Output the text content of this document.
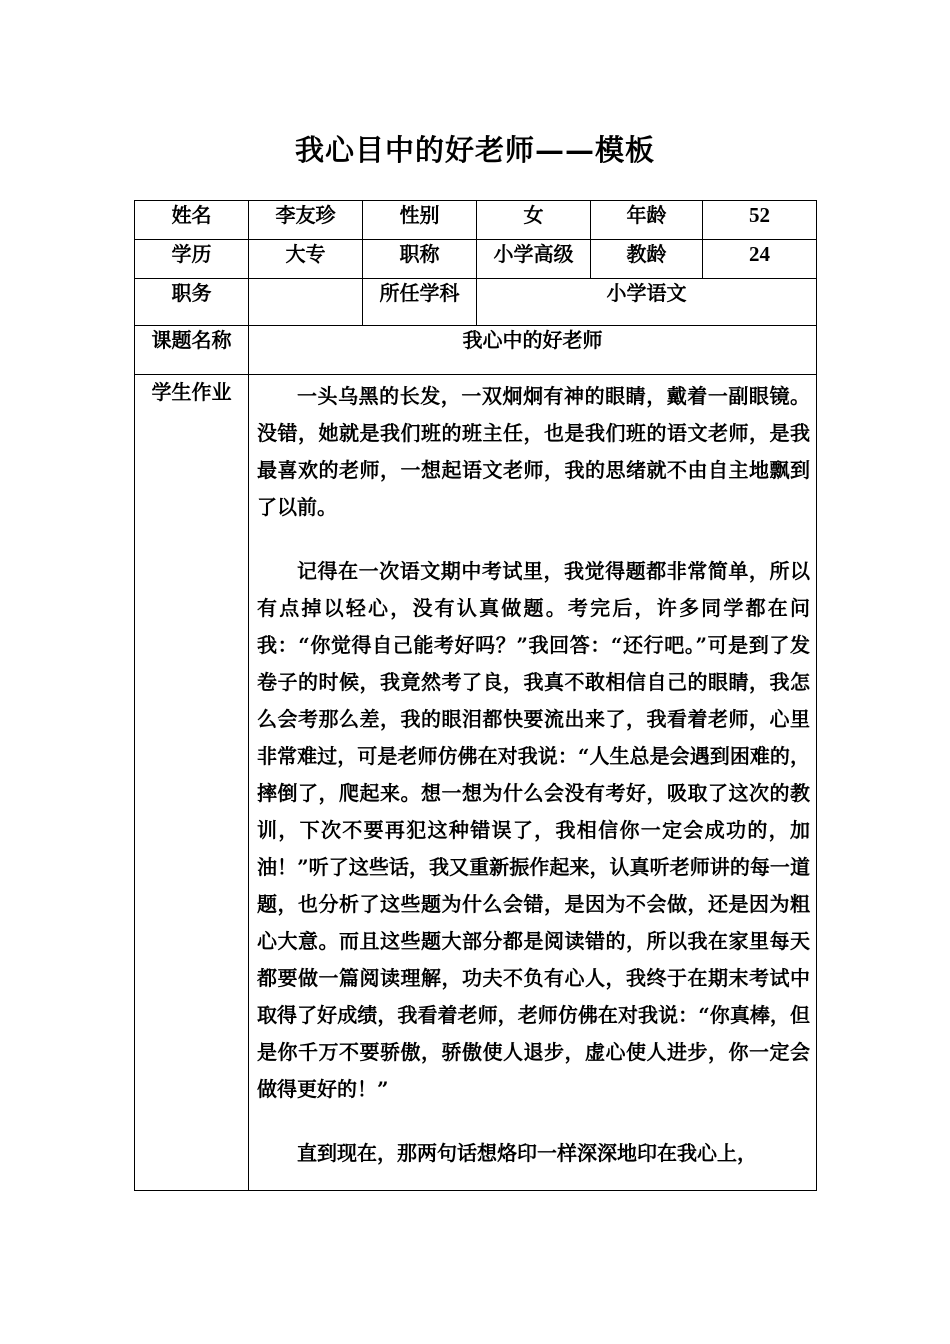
我心目中的好老师——模板
姓名	李友珍	性别	女	年龄	52
学历	大专	职称	小学高级	教龄	24
职务		所任学科	小学语文		
课题名称	我心中的好老师				
学生作业	一头乌黑的长发，一双炯炯有神的眼睛，戴着一副眼镜。没错，她就是我们班的班主任，也是我们班的语文老师，是我最喜欢的老师，一想起语文老师，我的思绪就不由自主地飘到了以前。

记得在一次语文期中考试里，我觉得题都非常简单，所以有点掉以轻心，没有认真做题。考完后，许多同学都在问我：“你觉得自己能考好吗？”我回答：“还行吧。”可是到了发卷子的时候，我竟然考了良，我真不敢相信自己的眼睛，我怎么会考那么差，我的眼泪都快要流出来了，我看着老师，心里非常难过，可是老师仿佛在对我说：“人生总是会遇到困难的，摔倒了，爬起来。想一想为什么会没有考好，吸取了这次的教训，下次不要再犯这种错误了，我相信你一定会成功的，加油！”听了这些话，我又重新振作起来，认真听老师讲的每一道题，也分析了这些题为什么会错，是因为不会做，还是因为粗心大意。而且这些题大部分都是阅读错的，所以我在家里每天都要做一篇阅读理解，功夫不负有心人，我终于在期末考试中取得了好成绩，我看着老师，老师仿佛在对我说：“你真棒，但是你千万不要骄傲，骄傲使人退步，虚心使人进步，你一定会做得更好的！”

直到现在，那两句话想烙印一样深深地印在我心上，				
